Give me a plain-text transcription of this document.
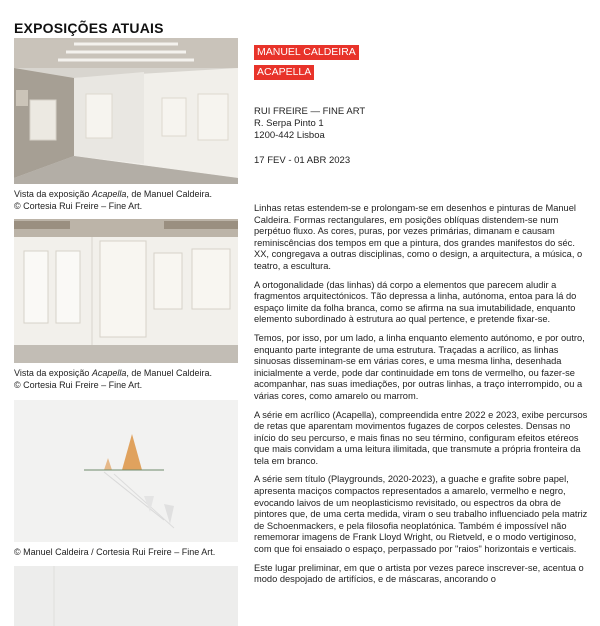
EXPOSIÇÕES ATUAIS
Vista da exposição Acapella, de Manuel Caldeira.
© Cortesia Rui Freire – Fine Art.
Vista da exposição Acapella, de Manuel Caldeira.
© Cortesia Rui Freire – Fine Art.
© Manuel Caldeira / Cortesia Rui Freire – Fine Art.
MANUEL CALDEIRA
ACAPELLA
RUI FREIRE — FINE ART
R. Serpa Pinto 1
1200-442 Lisboa
17 FEV - 01 ABR 2023

Linhas retas estendem-se e prolongam-se em desenhos e pinturas de Manuel Caldeira. Formas rectangulares, em posições oblíquas distendem-se num perpétuo fluxo. As cores, puras, por vezes primárias, dimanam e causam reminiscências dos tempos em que a pintura, dos grandes manifestos do séc. XX, congregava a outras disciplinas, como o design, a arquitectura, a música, o teatro, a escultura.

A ortogonalidade (das linhas) dá corpo a elementos que parecem aludir a fragmentos arquitectónicos. Tão depressa a linha, autónoma, entoa para lá do espaço limite da folha branca, como se afirma na sua imutabilidade, enquanto elemento subordinado à estrutura ao qual pertence, e pretende fixar-se.

Temos, por isso, por um lado, a linha enquanto elemento autónomo, e por outro, enquanto parte integrante de uma estrutura. Traçadas a acrílico, as linhas sinuosas disseminam-se em várias cores, e uma mesma linha, desenhada inicialmente a verde, pode dar continuidade em tons de vermelho, ou fazer-se acompanhar, nas suas imediações, por outras linhas, a traço interrompido, ou a várias cores, como amarelo ou marrom.

A série em acrílico (Acapella), compreendida entre 2022 e 2023, exibe percursos de retas que aparentam movimentos fugazes de corpos celestes. Densas no início do seu percurso, e mais finas no seu término, configuram efeitos etéreos que mais convidam a uma leitura ilimitada, que transmute a própria fronteira da tela em branco.

A série sem título (Playgrounds, 2020-2023), a guache e grafite sobre papel, apresenta maciços compactos representados a amarelo, vermelho e negro, evocando laivos de um neoplasticismo revisitado, ou espectros da obra de pintores que, de uma certa medida, viram o seu trabalho influenciado pela matriz de Schoenmackers, e pela filosofia neoplatónica. Também é impossível não rememorar imagens de Frank Lloyd Wright, ou Rietveld, e o modo vertiginoso, com que foi ensaiado o espaço, perpassado por "raios" horizontais e verticais.

Este lugar preliminar, em que o artista por vezes parece inscrever-se, acentua o modo despojado de artifícios, e de máscaras, ancorando o
